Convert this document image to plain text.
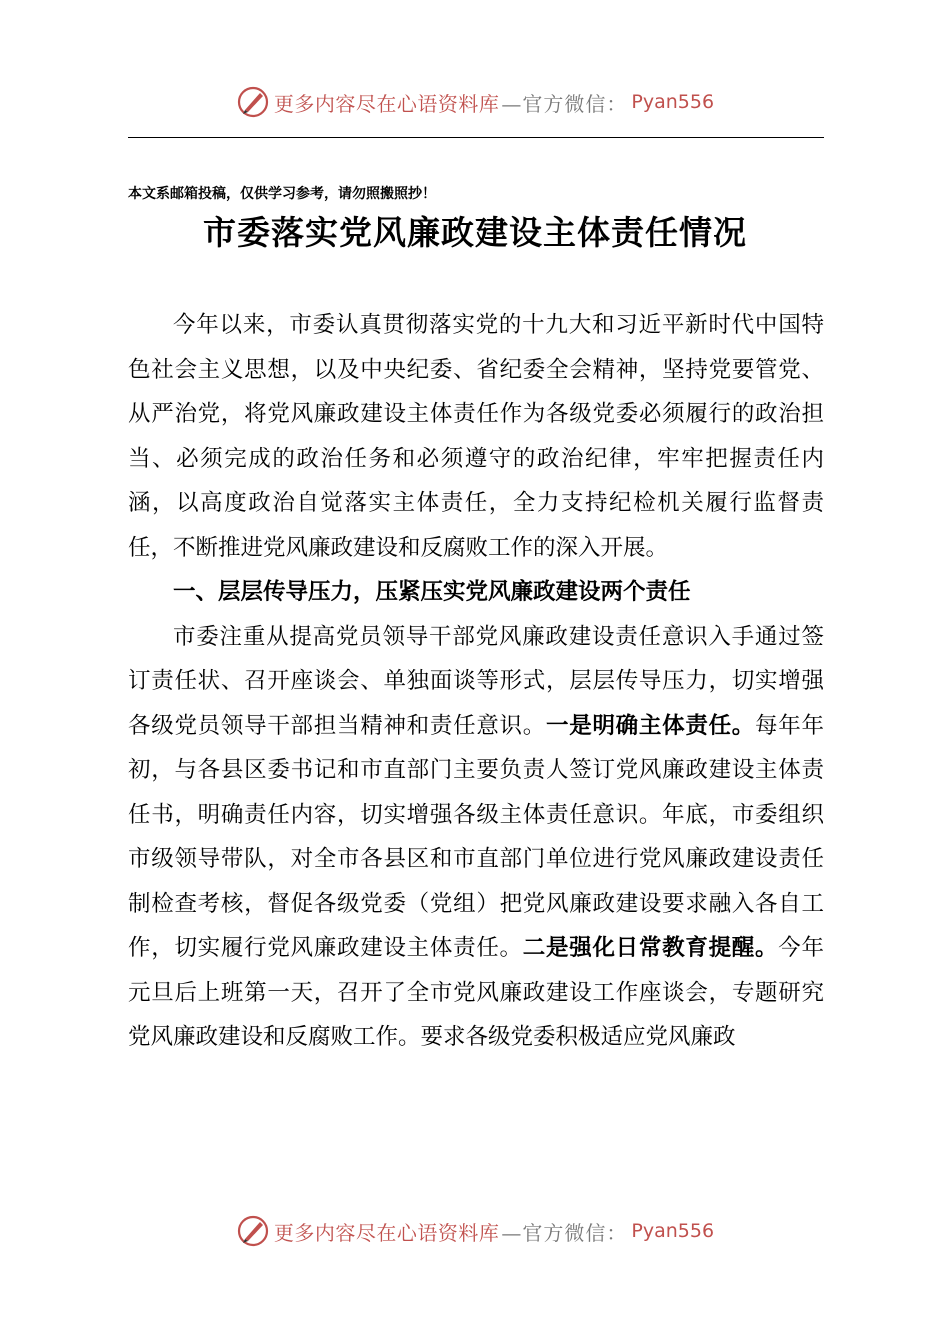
更多内容尽在心语资料库 —官方微信： Pyan556
本文系邮箱投稿，仅供学习参考，请勿照搬照抄！
市委落实党风廉政建设主体责任情况

今年以来，市委认真贯彻落实党的十九大和习近平新时代中国特色社会主义思想，以及中央纪委、省纪委全会精神，坚持党要管党、从严治党，将党风廉政建设主体责任作为各级党委必须履行的政治担当、必须完成的政治任务和必须遵守的政治纪律，牢牢把握责任内涵，以高度政治自觉落实主体责任，全力支持纪检机关履行监督责任，不断推进党风廉政建设和反腐败工作的深入开展。

一、层层传导压力，压紧压实党风廉政建设两个责任

市委注重从提高党员领导干部党风廉政建设责任意识入手通过签订责任状、召开座谈会、单独面谈等形式，层层传导压力，切实增强各级党员领导干部担当精神和责任意识。一是明确主体责任。每年年初，与各县区委书记和市直部门主要负责人签订党风廉政建设主体责任书，明确责任内容，切实增强各级主体责任意识。年底，市委组织市级领导带队，对全市各县区和市直部门单位进行党风廉政建设责任制检查考核，督促各级党委（党组）把党风廉政建设要求融入各自工作，切实履行党风廉政建设主体责任。二是强化日常教育提醒。今年元旦后上班第一天，召开了全市党风廉政建设工作座谈会，专题研究党风廉政建设和反腐败工作。要求各级党委积极适应党风廉政

更多内容尽在心语资料库 —官方微信： Pyan556
